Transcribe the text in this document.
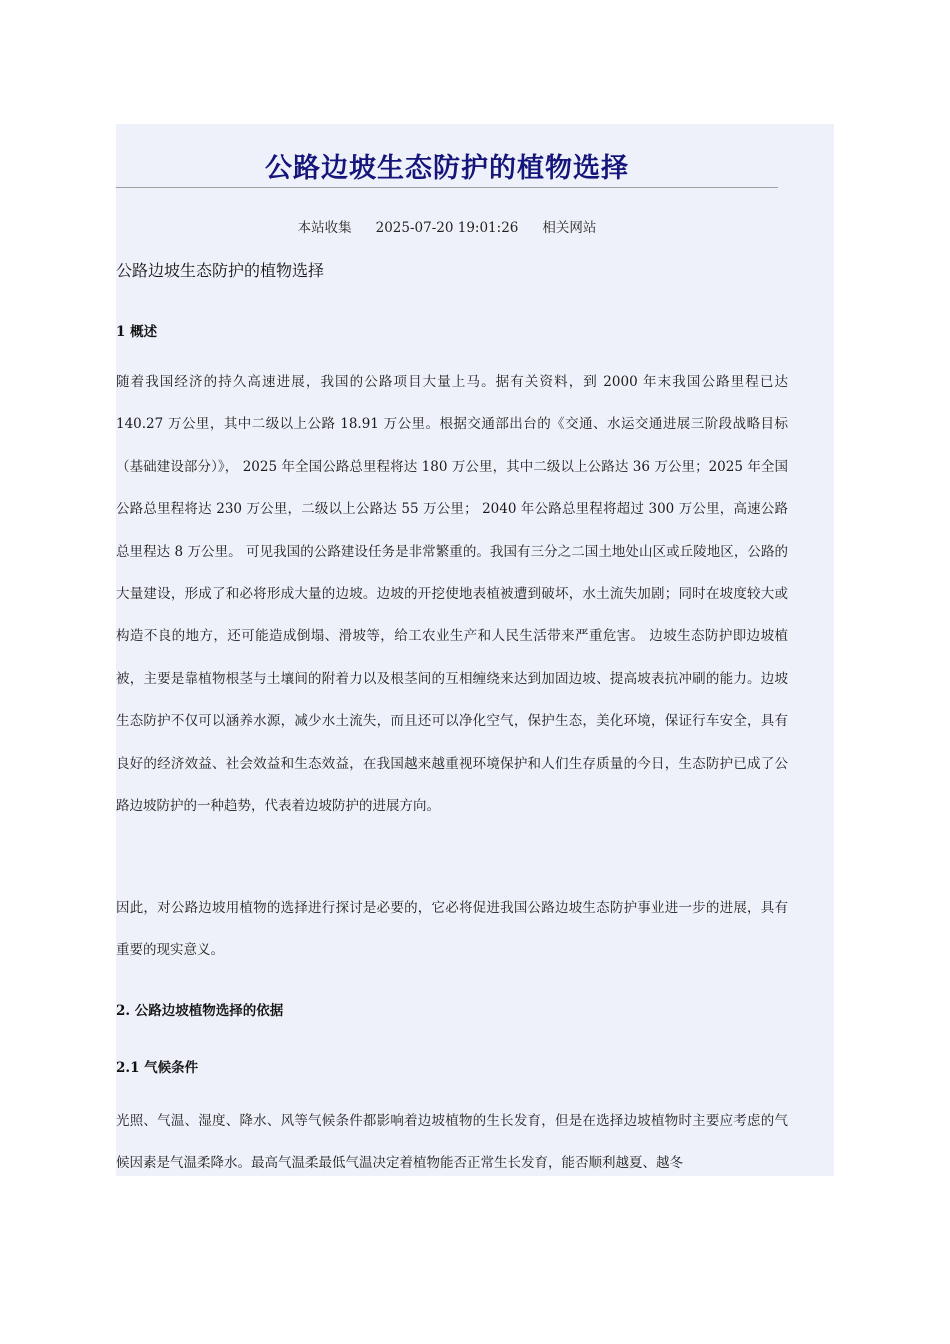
公路边坡生态防护的植物选择
本站收集 2025-07-20 19:01:26 相关网站
公路边坡生态防护的植物选择
1 概述

随着我国经济的持久高速进展，我国的公路项目大量上马。据有关资料，到 2000 年末我国公路里程已达 140.27 万公里，其中二级以上公路 18.91 万公里。根据交通部出台的《交通、水运交通进展三阶段战略目标（基础建设部分）》， 2025 年全国公路总里程将达 180 万公里，其中二级以上公路达 36 万公里；2025 年全国公路总里程将达 230 万公里，二级以上公路达 55 万公里； 2040 年公路总里程将超过 300 万公里，高速公路总里程达 8 万公里。 可见我国的公路建设任务是非常繁重的。我国有三分之二国土地处山区或丘陵地区，公路的大量建设，形成了和必将形成大量的边坡。边坡的开挖使地表植被遭到破坏，水土流失加剧；同时在坡度较大或构造不良的地方，还可能造成倒塌、滑坡等，给工农业生产和人民生活带来严重危害。 边坡生态防护即边坡植被，主要是靠植物根茎与土壤间的附着力以及根茎间的互相缠绕来达到加固边坡、提高坡表抗冲刷的能力。边坡生态防护不仅可以涵养水源，减少水土流失，而且还可以净化空气，保护生态，美化环境，保证行车安全，具有良好的经济效益、社会效益和生态效益，在我国越来越重视环境保护和人们生存质量的今日，生态防护已成了公路边坡防护的一种趋势，代表着边坡防护的进展方向。

因此，对公路边坡用植物的选择进行探讨是必要的，它必将促进我国公路边坡生态防护事业进一步的进展，具有重要的现实意义。

2. 公路边坡植物选择的依据
2.1 气候条件

光照、气温、湿度、降水、风等气候条件都影响着边坡植物的生长发育，但是在选择边坡植物时主要应考虑的气候因素是气温柔降水。最高气温柔最低气温决定着植物能否正常生长发育，能否顺利越夏、越冬
